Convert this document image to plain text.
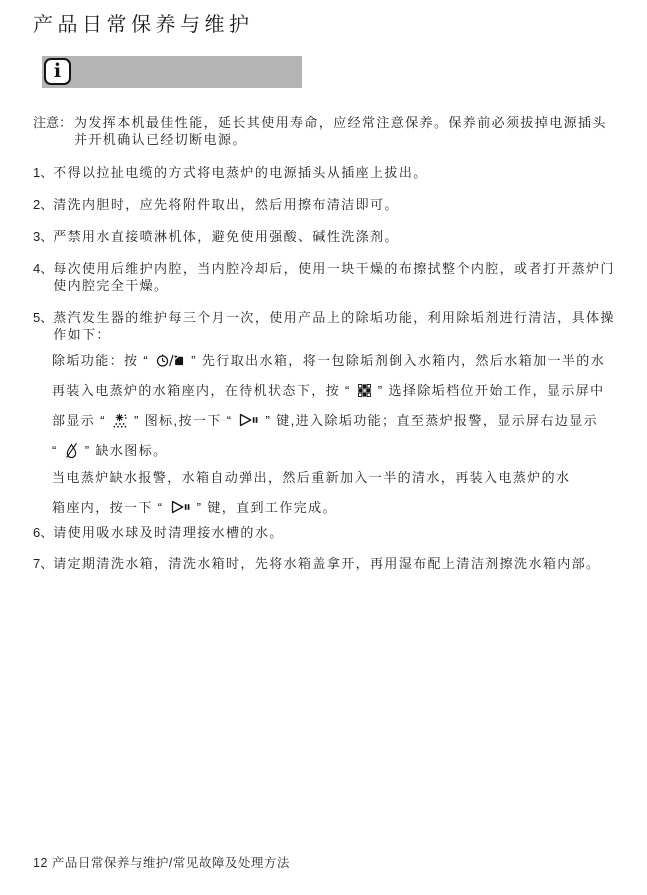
产品日常保养与维护
i
注意： 为发挥本机最佳性能，延长其使用寿命，应经常注意保养。保养前必须拔掉电源插头
并开机确认已经切断电源。
1、 不得以拉扯电缆的方式将电蒸炉的电源插头从插座上拔出。
2、 清洗内胆时，应先将附件取出，然后用擦布清洁即可。
3、 严禁用水直接喷淋机体，避免使用强酸、碱性洗涤剂。
4、 每次使用后维护内腔，当内腔冷却后，使用一块干燥的布擦拭整个内腔，或者打开蒸炉门
使内腔完全干燥。
5、 蒸汽发生器的维护每三个月一次，使用产品上的除垢功能，利用除垢剂进行清洁，具体操
作如下：
除垢功能：按 “ ” 先行取出水箱，将一包除垢剂倒入水箱内，然后水箱加一半的水
再装入电蒸炉的水箱座内，在待机状态下，按 “ ” 选择除垢档位开始工作，显示屏中
部显示 “ ” 图标,按一下 “ ” 键,进入除垢功能；直至蒸炉报警，显示屏右边显示
“ ” 缺水图标。
当电蒸炉缺水报警，水箱自动弹出，然后重新加入一半的清水，再装入电蒸炉的水
箱座内，按一下 “ ” 键，直到工作完成。
6、 请使用吸水球及时清理接水槽的水。
7、 请定期清洗水箱，清洗水箱时，先将水箱盖拿开，再用湿布配上清洁剂擦洗水箱内部。
12 产品日常保养与维护/常见故障及处理方法
